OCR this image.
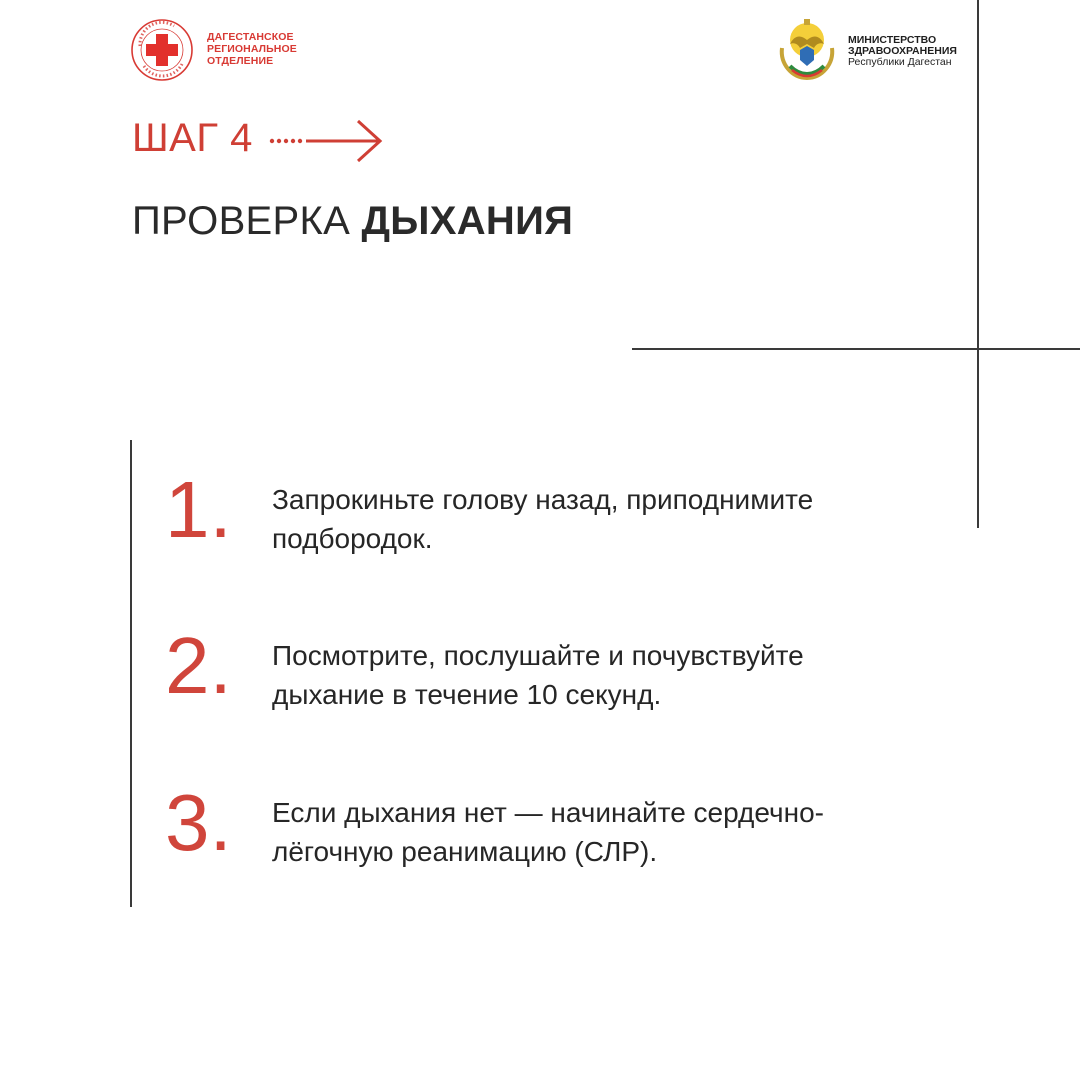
ДАГЕСТАНСКОЕ
РЕГИОНАЛЬНОЕ
ОТДЕЛЕНИЕ
МИНИСТЕРСТВО
ЗДРАВООХРАНЕНИЯ
Республики Дагестан
ШАГ 4
ПРОВЕРКА ДЫХАНИЯ
1. Запрокиньте голову назад, приподнимите подбородок.
2. Посмотрите, послушайте и почувствуйте дыхание в течение 10 секунд.
3. Если дыхания нет — начинайте сердечно-лёгочную реанимацию (СЛР).
